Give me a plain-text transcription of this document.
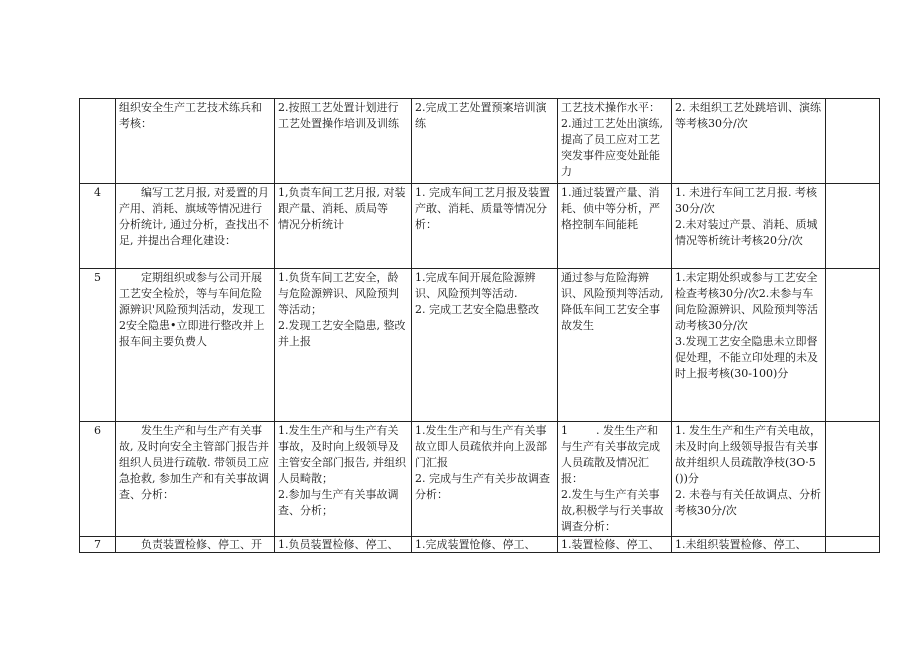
	组织安全生产工艺技术练兵和考核：	2.按照工艺处置计划进行工艺处置操作培训及训练	2.完成工艺处置预案培训演练	工艺技术操作水平：
2.通过工艺处出演练,提高了员工应对工艺突发事件应变处趾能力	2. 未组织工艺处跳培训、演练等考核30分/次	
4	编写工艺月报, 对爰置的月产用、消耗、旗域等情况进行分析统计, 通过分析，查找出不足, 并提出合理化建设：	1,负责车间工艺月报, 对装跟产量、消耗、质局等
情况分析统计	1. 完成车间工艺月报及装置产敢、消耗、质量等情况分析：	1.通过装置产量、消耗、侦中等分析，严格控制车间能耗	1. 未进行车间工艺月报. 考核30分/次
2.未对装过产景、消耗、质城情况等析统计考核20分/次	
5	定期组织或参与公司开展工艺安全检於，等与车间危险源辨识'风险预判活动，发现工2安全隐患•立即进行整改并上报车间主要负费人	1.负货车间工艺安全，龄与危险源辨识、风险预判等活动；
2.发现工艺安全隐患, 整改并上报	1.完成车间开展危险源辨识、风险预判等活动.
2. 完成工艺安全隐患整改	通过参与危险海辨识、风险预判等活动, 降低车间工艺安全事故发生	1.未定期处织或参与工艺安全检查考核30分/次2.未参与车间危险源辨识、风险预判等活动考核30分/次
3.发现工艺安全隐患未立即督促处理，不能立印处理的未及时上报考核(30-100)分	
6	发生生产和与生产有关事故, 及时向安全主管部门报告并组织人员进行疏敬. 带领员工应急抢救, 参加生产和有关事故调查、分析：	1.发生生产和与生产有关事故，及时向上级领导及主管安全部门报告, 并组织人员畸散；
2.参加与生产有关事故调查、分析；	1.发生生产和与生产有关事故立即人员疏依并向上汲部门汇报
2. 完成与生产有关步故调查分析：	1        . 发生生产和与生产有关事故完成人员疏散及情况汇报：
2.发生与生产有关事故,积极学与行关事故调查分析：	1. 发生生产和生产有关电故，未及时向上级领导报告有关事故并组织人员疏散净枝(3O·5())分
2. 未卷与有关任故调点、分析考核30分/次	
7	负责装置检修、停工、开	1.负员装置检修、停工、	1.完成装置怆修、停工、	1.装置检修、停工、	1.未组织装置检修、停工、	
